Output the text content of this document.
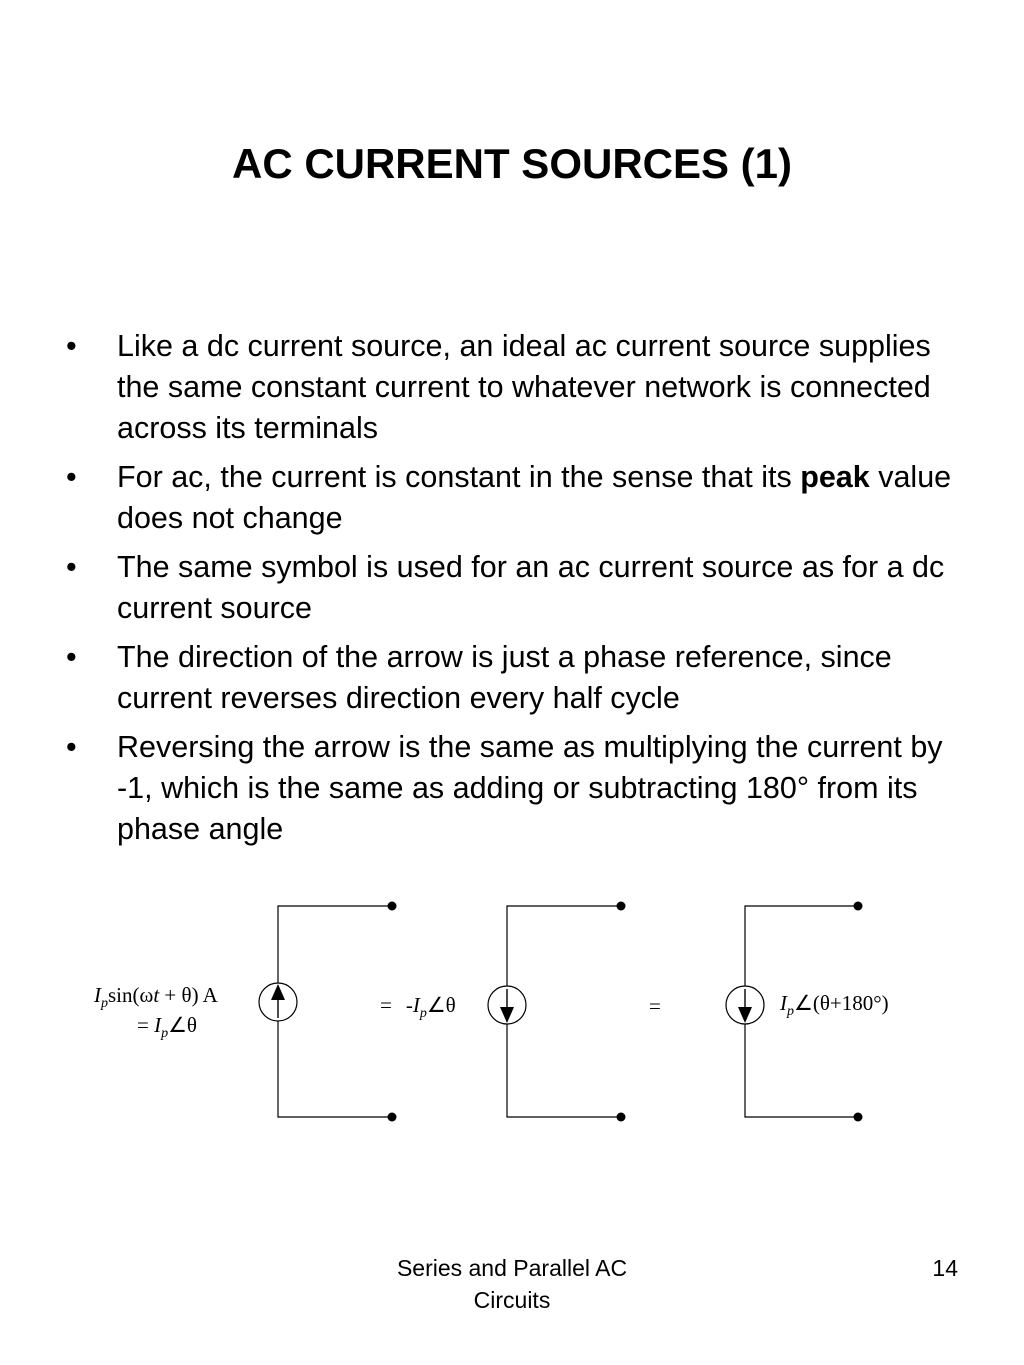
AC CURRENT SOURCES (1)
• Like a dc current source, an ideal ac current source supplies the same constant current to whatever network is connected across its terminals
• For ac, the current is constant in the sense that its peak value does not change
• The same symbol is used for an ac current source as for a dc current source
• The direction of the arrow is just a phase reference, since current reverses direction every half cycle
• Reversing the arrow is the same as multiplying the current by -1, which is the same as adding or subtracting 180° from its phase angle
$I_p\sin(\omega t + \theta)$ A
= $I_p\angle\theta$
= $-I_p\angle\theta$	=	$I_p\angle(\theta+180^\circ)$
Series and Parallel AC
Circuits
14
